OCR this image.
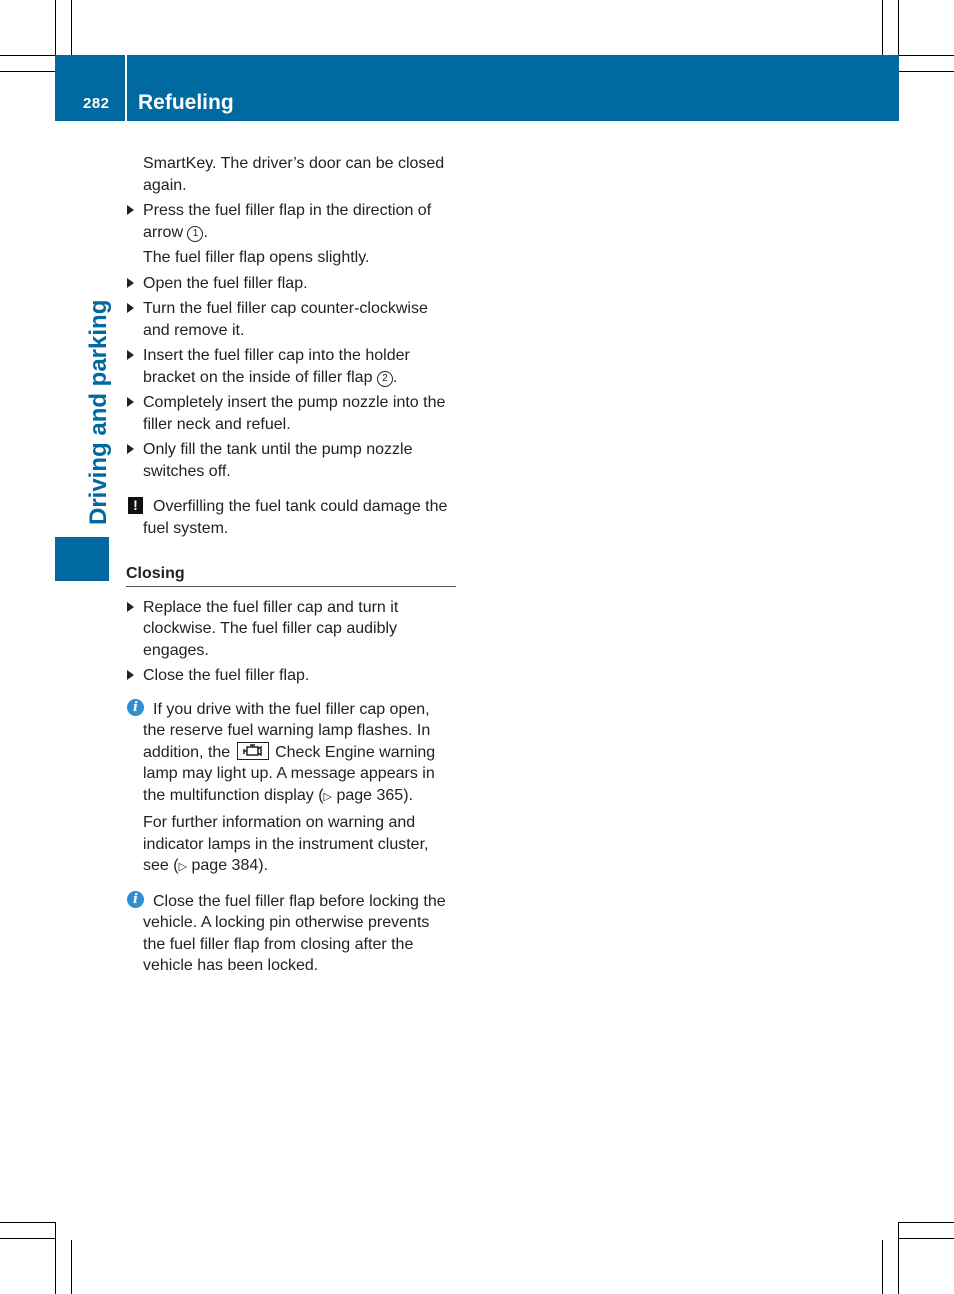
282 Refueling
Driving and parking

SmartKey. The driver’s door can be closed again.

Press the fuel filler flap in the direction of arrow 1 .

The fuel filler flap opens slightly.

Open the fuel filler flap.
Turn the fuel filler cap counter-clockwise and remove it.
Insert the fuel filler cap into the holder bracket on the inside of filler flap 2 .
Completely insert the pump nozzle into the filler neck and refuel.
Only fill the tank until the pump nozzle switches off.
! Overfilling the fuel tank could damage the fuel system.
Closing
Replace the fuel filler cap and turn it clockwise. The fuel filler cap audibly engages.
Close the fuel filler flap.
i If you drive with the fuel filler cap open, the reserve fuel warning lamp flashes. In addition, the	Check Engine warning lamp may light up. A message appears in the multifunction display (▷ page 365).
For further information on warning and indicator lamps in the instrument cluster, see (▷ page 384).
i Close the fuel filler flap before locking the vehicle. A locking pin otherwise prevents the fuel filler flap from closing after the vehicle has been locked.
